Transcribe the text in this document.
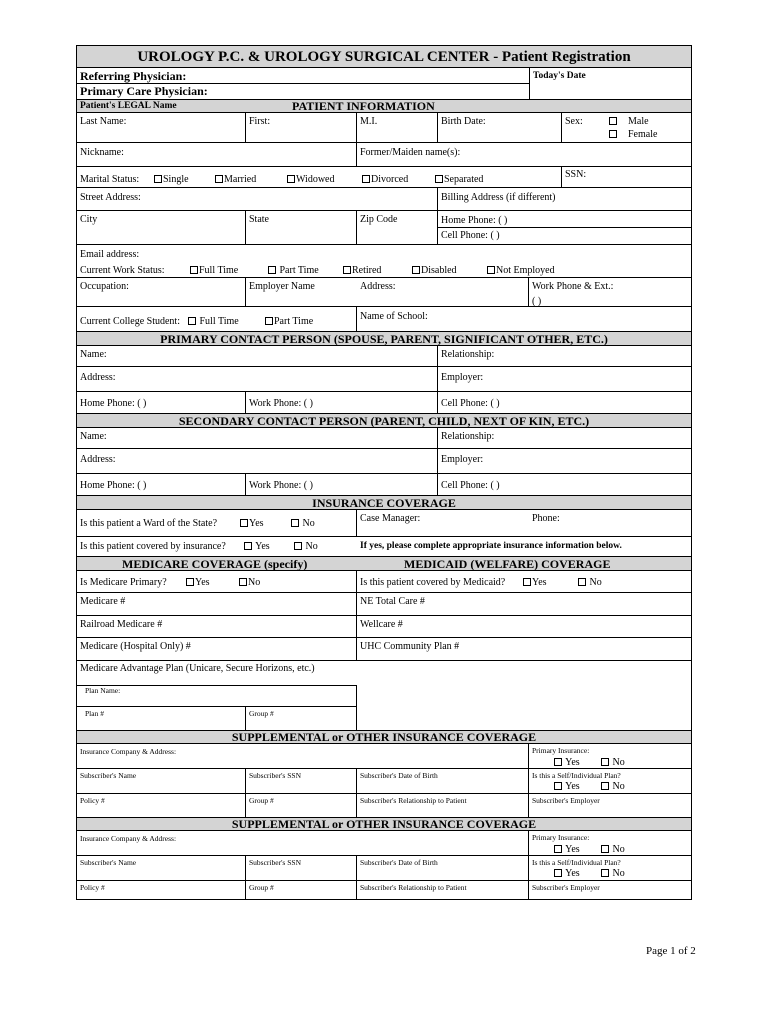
UROLOGY P.C. & UROLOGY SURGICAL CENTER - Patient Registration
Referring Physician:
Primary Care Physician:
Today's Date
Patient's LEGAL Name	PATIENT INFORMATION
Last Name:	First:	M.I.	Birth Date:	Sex:	Male
Female
Nickname:	Former/Maiden name(s):
Marital Status:	Single	Married	Widowed	Divorced	Separated	SSN:
Street Address:	Billing Address (if different)
City	State	Zip Code	Home Phone: ( )
Cell Phone: ( )
Email address:
Current Work Status:	Full Time	Part Time	Retired	Disabled	Not Employed
Occupation:	Employer Name	Address:	Work Phone & Ext.:
( )
Current College Student:	Full Time	Part Time	Name of School:
PRIMARY CONTACT PERSON (SPOUSE, PARENT, SIGNIFICANT OTHER, ETC.)
Name:	Relationship:
Address:	Employer:
Home Phone: ( )	Work Phone: ( )	Cell Phone: ( )
SECONDARY CONTACT PERSON (PARENT, CHILD, NEXT OF KIN, ETC.)
Name:	Relationship:
Address:	Employer:
Home Phone: ( )	Work Phone: ( )	Cell Phone: ( )
INSURANCE COVERAGE
Is this patient a Ward of the State?	Yes	No	Case Manager:	Phone:
Is this patient covered by insurance?	Yes	No	If yes, please complete appropriate insurance information below.
MEDICARE COVERAGE (specify)	MEDICAID (WELFARE) COVERAGE
Is Medicare Primary?	Yes	No	Is this patient covered by Medicaid?	Yes	No
Medicare #	NE Total Care #
Railroad Medicare #	Wellcare #
Medicare (Hospital Only) #	UHC Community Plan #
Medicare Advantage Plan (Unicare, Secure Horizons, etc.)
Plan Name:
Plan #	Group #
SUPPLEMENTAL or OTHER INSURANCE COVERAGE
Insurance Company & Address:	Primary Insurance:
Yes	No
Subscriber's Name	Subscriber's SSN	Subscriber's Date of Birth	Is this a Self/Individual Plan?
Yes	No
Policy #	Group #	Subscriber's Relationship to Patient	Subscriber's Employer
SUPPLEMENTAL or OTHER INSURANCE COVERAGE
Insurance Company & Address:	Primary Insurance:
Yes	No
Subscriber's Name	Subscriber's SSN	Subscriber's Date of Birth	Is this a Self/Individual Plan?
Yes	No
Policy #	Group #	Subscriber's Relationship to Patient	Subscriber's Employer
Page 1 of 2
